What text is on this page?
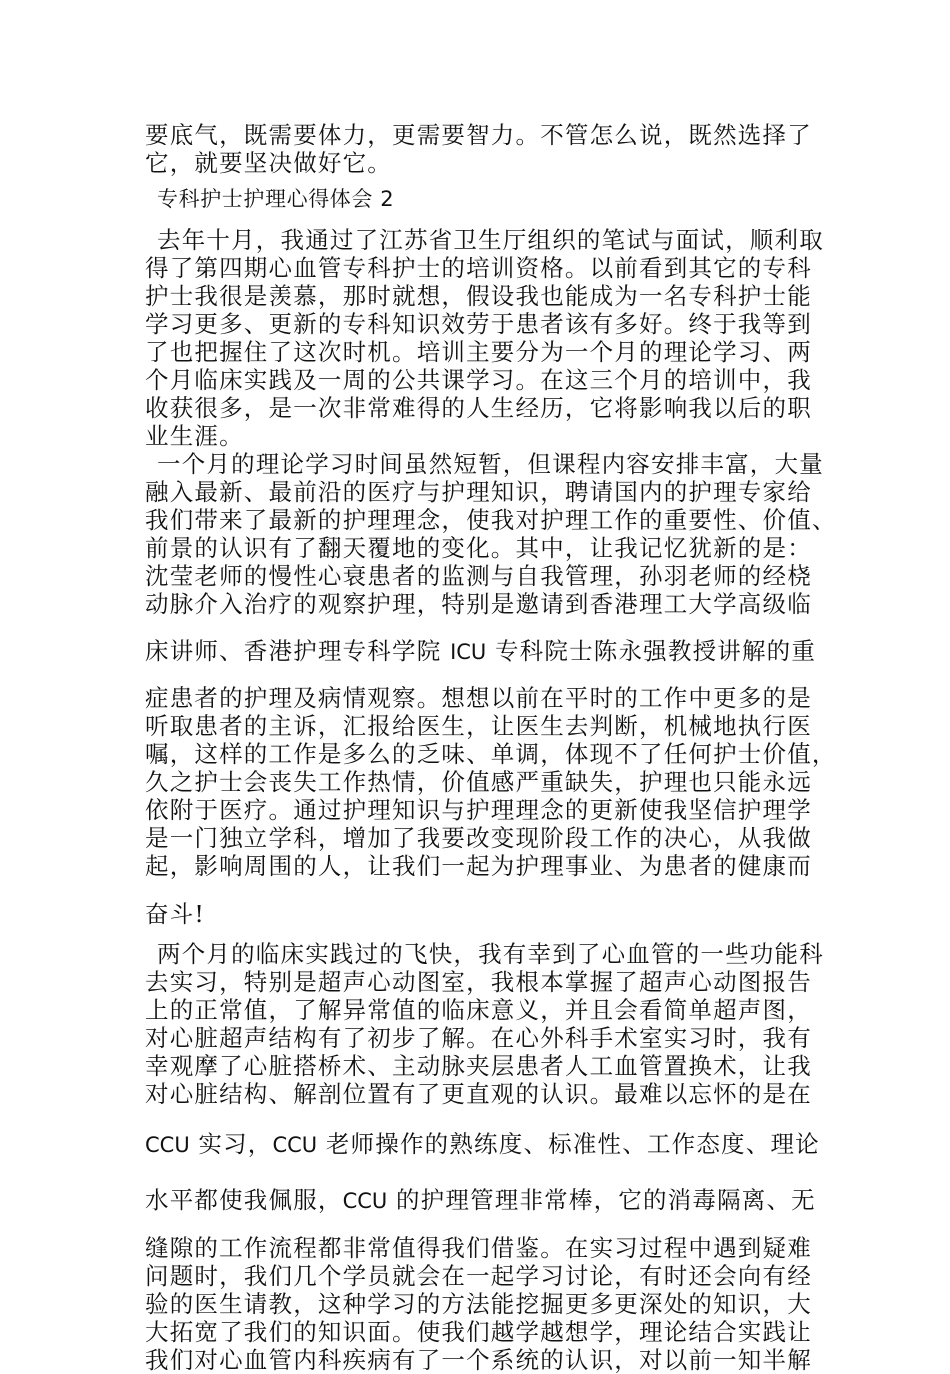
要底气，既需要体力，更需要智力。不管怎么说，既然选择了
它，就要坚决做好它。
专科护士护理心得体会 2
去年十月，我通过了江苏省卫生厅组织的笔试与面试，顺利取
得了第四期心血管专科护士的培训资格。以前看到其它的专科
护士我很是羡慕，那时就想，假设我也能成为一名专科护士能
学习更多、更新的专科知识效劳于患者该有多好。终于我等到
了也把握住了这次时机。培训主要分为一个月的理论学习、两
个月临床实践及一周的公共课学习。在这三个月的培训中，我
收获很多，是一次非常难得的人生经历，它将影响我以后的职
业生涯。
一个月的理论学习时间虽然短暂，但课程内容安排丰富，大量
融入最新、最前沿的医疗与护理知识，聘请国内的护理专家给
我们带来了最新的护理理念，使我对护理工作的重要性、价值、
前景的认识有了翻天覆地的变化。其中，让我记忆犹新的是：
沈莹老师的慢性心衰患者的监测与自我管理，孙羽老师的经桡
动脉介入治疗的观察护理，特别是邀请到香港理工大学高级临
床讲师、香港护理专科学院 ICU 专科院士陈永强教授讲解的重
症患者的护理及病情观察。想想以前在平时的工作中更多的是
听取患者的主诉，汇报给医生，让医生去判断，机械地执行医
嘱，这样的工作是多么的乏味、单调，体现不了任何护士价值，
久之护士会丧失工作热情，价值感严重缺失，护理也只能永远
依附于医疗。通过护理知识与护理理念的更新使我坚信护理学
是一门独立学科，增加了我要改变现阶段工作的决心，从我做
起，影响周围的人，让我们一起为护理事业、为患者的健康而
奋斗!
两个月的临床实践过的飞快，我有幸到了心血管的一些功能科
去实习，特别是超声心动图室，我根本掌握了超声心动图报告
上的正常值，了解异常值的临床意义，并且会看简单超声图，
对心脏超声结构有了初步了解。在心外科手术室实习时，我有
幸观摩了心脏搭桥术、主动脉夹层患者人工血管置换术，让我
对心脏结构、解剖位置有了更直观的认识。最难以忘怀的是在
CCU 实习，CCU 老师操作的熟练度、标准性、工作态度、理论
水平都使我佩服，CCU 的护理管理非常棒，它的消毒隔离、无
缝隙的工作流程都非常值得我们借鉴。在实习过程中遇到疑难
问题时，我们几个学员就会在一起学习讨论，有时还会向有经
验的医生请教，这种学习的方法能挖掘更多更深处的知识，大
大拓宽了我们的知识面。使我们越学越想学，理论结合实践让
我们对心血管内科疾病有了一个系统的认识，对以前一知半解
